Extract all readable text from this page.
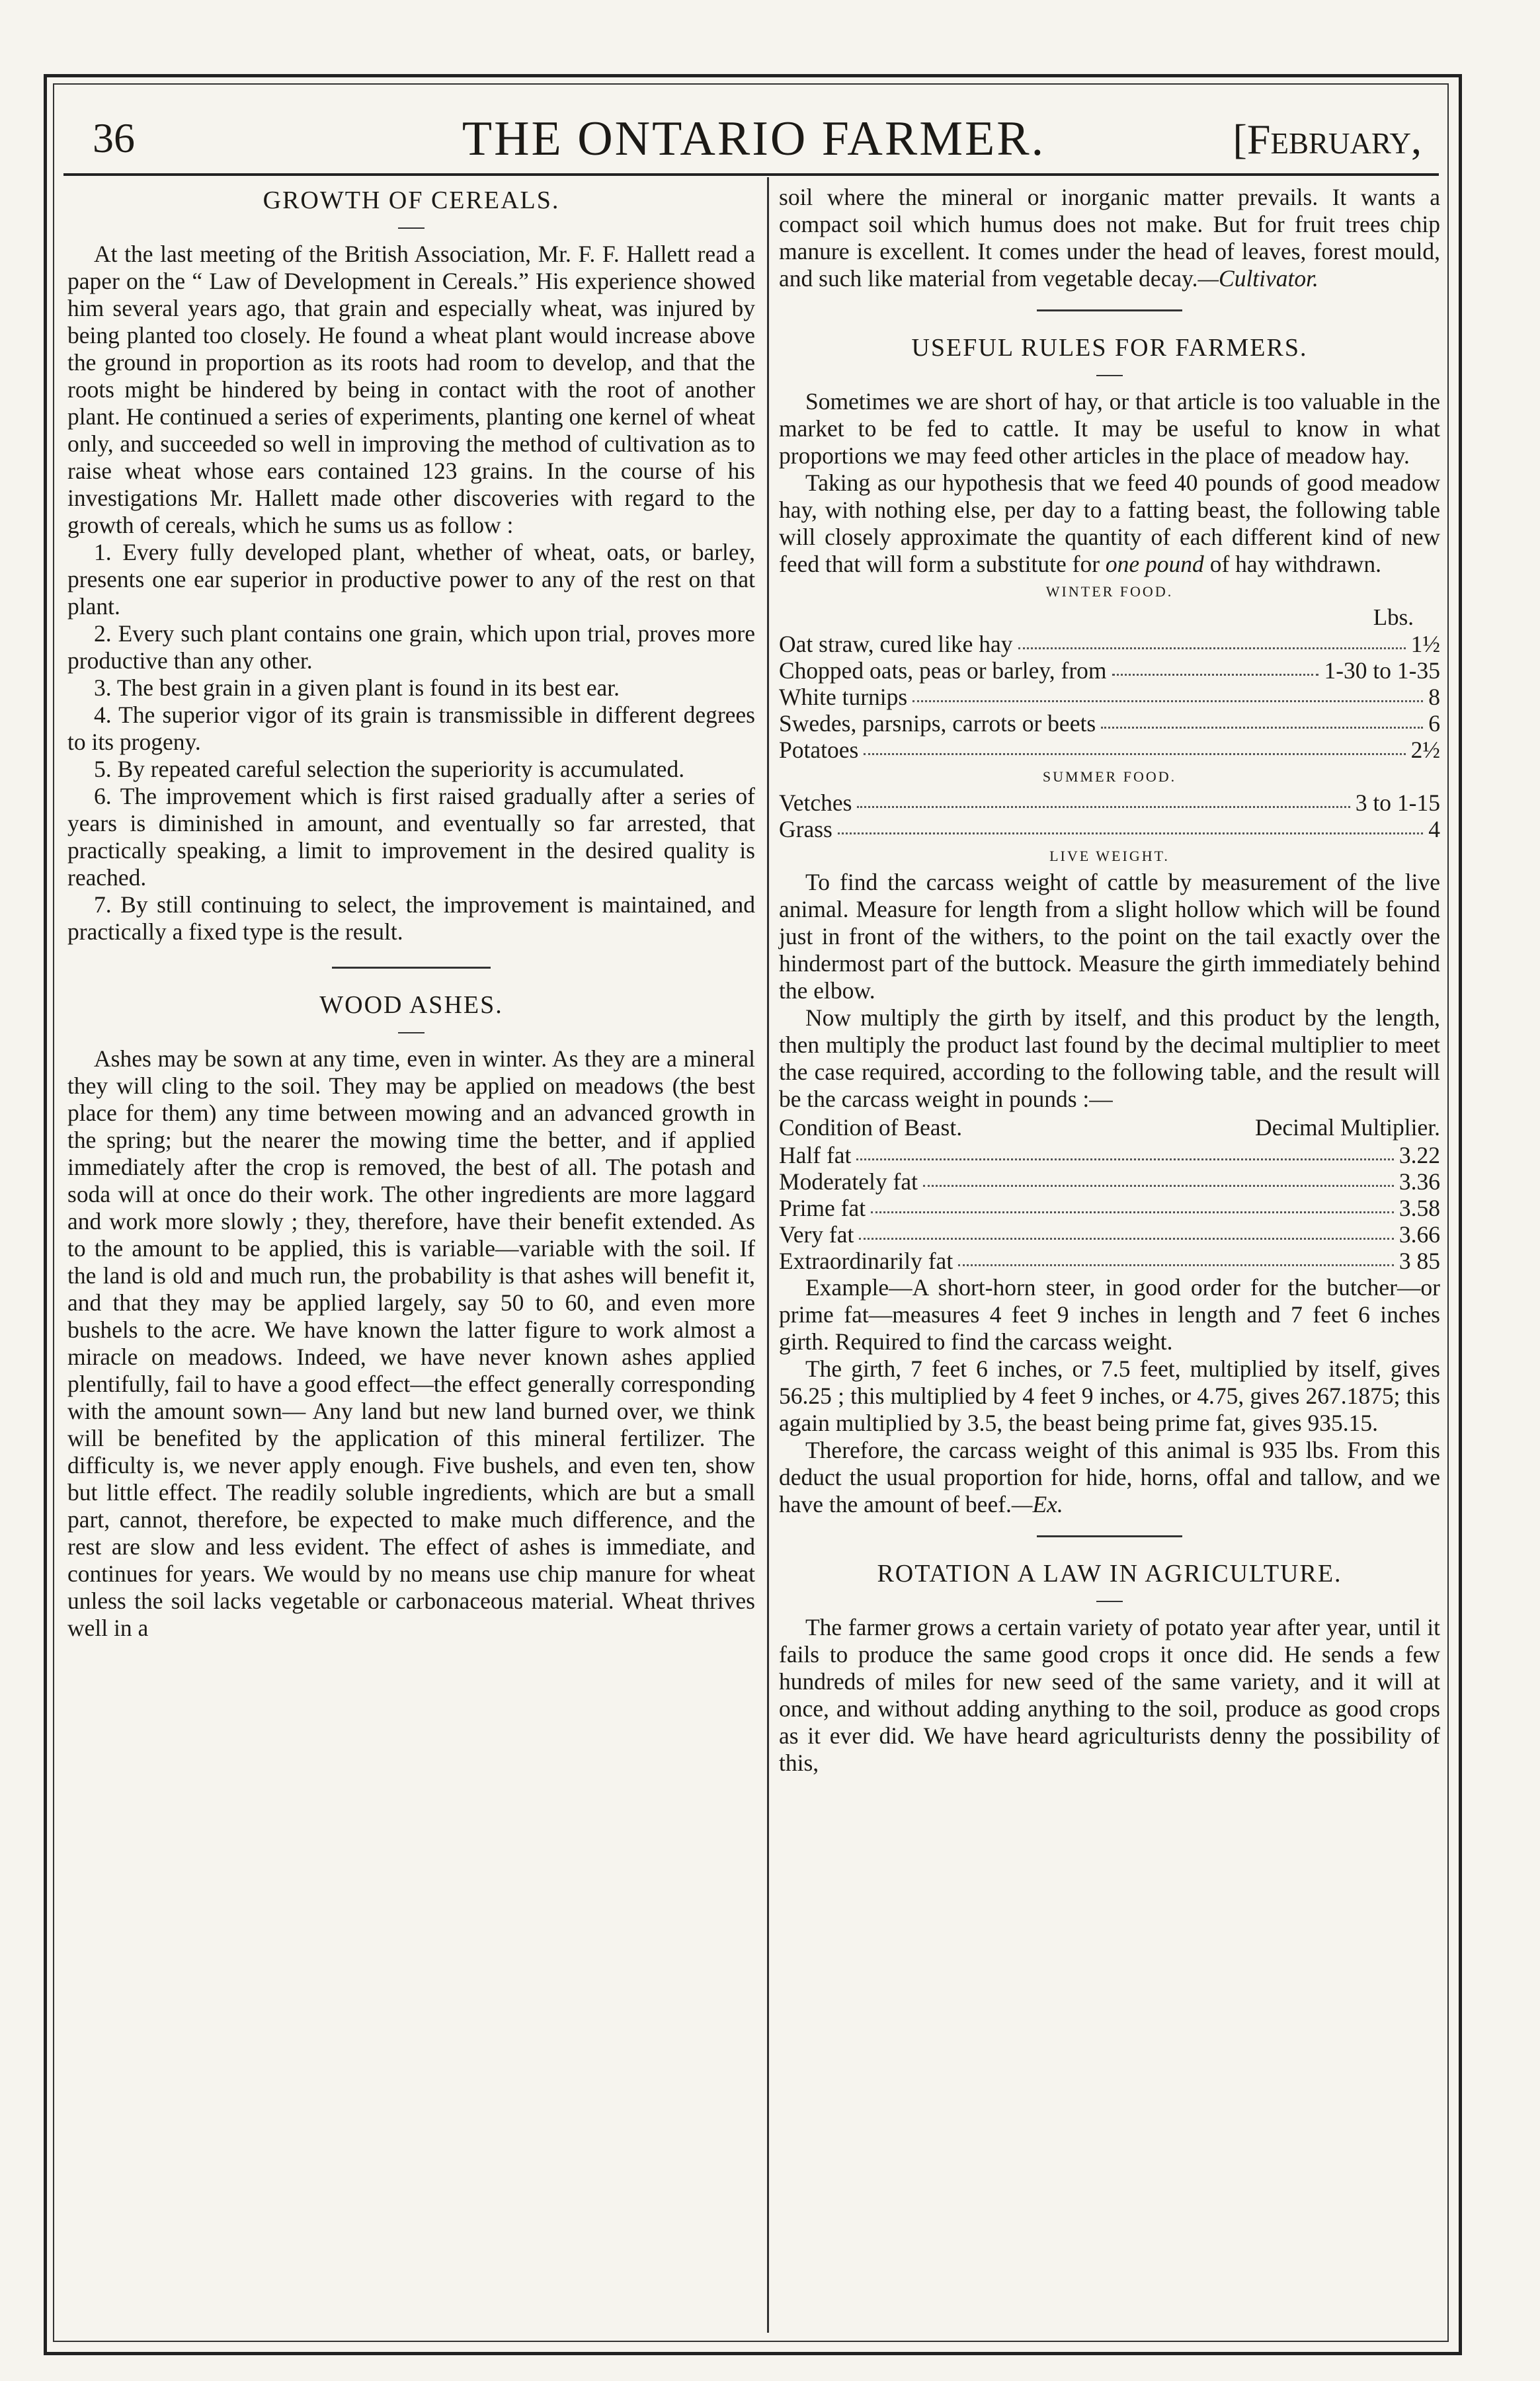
36	THE ONTARIO FARMER.	[February,

GROWTH OF CEREALS.

At the last meeting of the British Association, Mr. F. F. Hallett read a paper on the “ Law of Development in Cereals.” His experience showed him several years ago, that grain and especially wheat, was injured by being planted too closely. He found a wheat plant would increase above the ground in proportion as its roots had room to develop, and that the roots might be hindered by being in contact with the root of another plant. He continued a series of experiments, planting one kernel of wheat only, and succeeded so well in improving the method of cultivation as to raise wheat whose ears contained 123 grains. In the course of his investigations Mr. Hallett made other discoveries with regard to the growth of cereals, which he sums us as follow :

1. Every fully developed plant, whether of wheat, oats, or barley, presents one ear superior in productive power to any of the rest on that plant.

2. Every such plant contains one grain, which upon trial, proves more productive than any other.

3. The best grain in a given plant is found in its best ear.

4. The superior vigor of its grain is transmissible in different degrees to its progeny.

5. By repeated careful selection the superiority is accumulated.

6. The improvement which is first raised gradually after a series of years is diminished in amount, and eventually so far arrested, that practically speaking, a limit to improvement in the desired quality is reached.

7. By still continuing to select, the improvement is maintained, and practically a fixed type is the result.

WOOD ASHES.

Ashes may be sown at any time, even in winter. As they are a mineral they will cling to the soil. They may be applied on meadows (the best place for them) any time between mowing and an advanced growth in the spring; but the nearer the mowing time the better, and if applied immediately after the crop is removed, the best of all. The potash and soda will at once do their work. The other ingredients are more laggard and work more slowly ; they, therefore, have their benefit extended. As to the amount to be applied, this is variable—variable with the soil. If the land is old and much run, the probability is that ashes will benefit it, and that they may be applied largely, say 50 to 60, and even more bushels to the acre. We have known the latter figure to work almost a miracle on meadows. Indeed, we have never known ashes applied plentifully, fail to have a good effect—the effect generally corresponding with the amount sown— Any land but new land burned over, we think will be benefited by the application of this mineral fertilizer. The difficulty is, we never apply enough. Five bushels, and even ten, show but little effect. The readily soluble ingredients, which are but a small part, cannot, therefore, be expected to make much difference, and the rest are slow and less evident. The effect of ashes is immediate, and continues for years. We would by no means use chip manure for wheat unless the soil lacks vegetable or carbonaceous material. Wheat thrives well in a

soil where the mineral or inorganic matter prevails. It wants a compact soil which humus does not make. But for fruit trees chip manure is excellent. It comes under the head of leaves, forest mould, and such like material from vegetable decay.—Cultivator.

USEFUL RULES FOR FARMERS.

Sometimes we are short of hay, or that article is too valuable in the market to be fed to cattle. It may be useful to know in what proportions we may feed other articles in the place of meadow hay.

Taking as our hypothesis that we feed 40 pounds of good meadow hay, with nothing else, per day to a fatting beast, the following table will closely approximate the quantity of each different kind of new feed that will form a substitute for one pound of hay withdrawn.

WINTER FOOD.
Lbs.
Oat straw, cured like hay	1½
Chopped oats, peas or barley, from	1-30 to 1-35
White turnips	8
Swedes, parsnips, carrots or beets	6
Potatoes	2½
SUMMER FOOD.
Vetches	3 to 1-15
Grass	4
LIVE WEIGHT.

To find the carcass weight of cattle by measurement of the live animal. Measure for length from a slight hollow which will be found just in front of the withers, to the point on the tail exactly over the hindermost part of the buttock. Measure the girth immediately behind the elbow.

Now multiply the girth by itself, and this product by the length, then multiply the product last found by the decimal multiplier to meet the case required, according to the following table, and the result will be the carcass weight in pounds :—

Condition of Beast.	Decimal Multiplier.
Half fat	3.22
Moderately fat	3.36
Prime fat	3.58
Very fat	3.66
Extraordinarily fat	3 85

Example—A short-horn steer, in good order for the butcher—or prime fat—measures 4 feet 9 inches in length and 7 feet 6 inches girth. Required to find the carcass weight.

The girth, 7 feet 6 inches, or 7.5 feet, multiplied by itself, gives 56.25 ; this multiplied by 4 feet 9 inches, or 4.75, gives 267.1875; this again multiplied by 3.5, the beast being prime fat, gives 935.15.

Therefore, the carcass weight of this animal is 935 lbs. From this deduct the usual proportion for hide, horns, offal and tallow, and we have the amount of beef.—Ex.

ROTATION A LAW IN AGRICULTURE.

The farmer grows a certain variety of potato year after year, until it fails to produce the same good crops it once did. He sends a few hundreds of miles for new seed of the same variety, and it will at once, and without adding anything to the soil, produce as good crops as it ever did. We have heard agriculturists denny the possibility of this,
